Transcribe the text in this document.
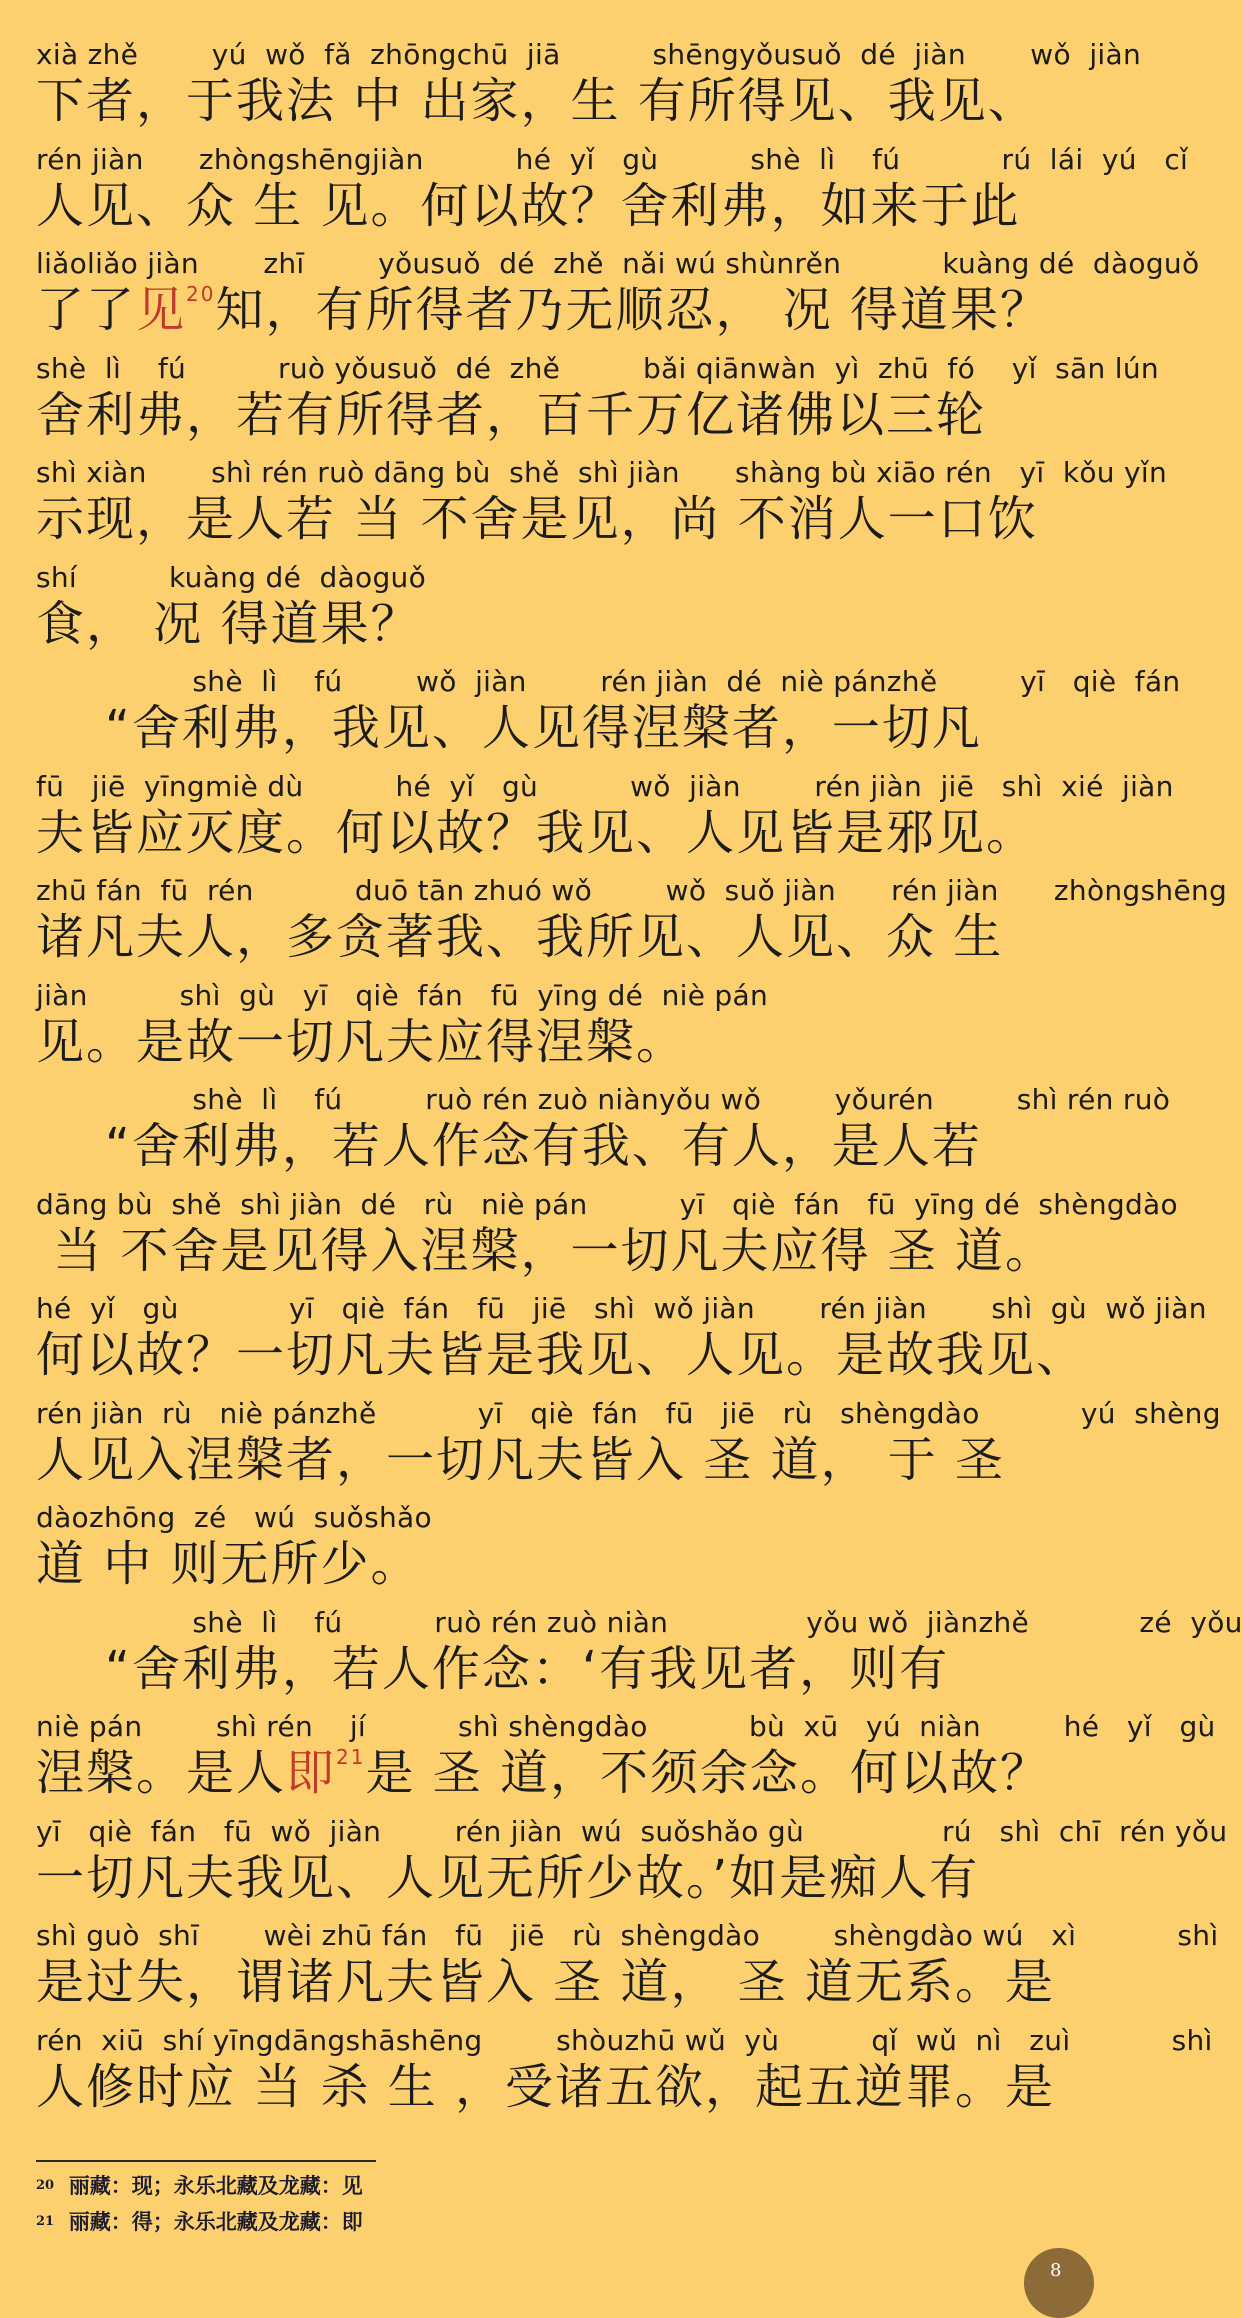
xià zhě        yú  wǒ  fǎ  zhōngchū  jiā          shēngyǒusuǒ  dé  jiàn       wǒ  jiàn
下者，于我法 中 出家，生 有所得见、我见、
rén jiàn      zhòngshēngjiàn          hé  yǐ   gù          shè  lì    fú           rú  lái  yú   cǐ
人见、众 生 见。何以故？舍利弗，如来于此
liǎoliǎo jiàn       zhī        yǒusuǒ  dé  zhě  nǎi wú shùnrěn           kuàng dé  dàoguǒ
了了见$^{20}$知，有所得者乃无顺忍， 况 得道果？
shè  lì    fú          ruò yǒusuǒ  dé  zhě         bǎi qiānwàn  yì  zhū  fó    yǐ  sān lún
舍利弗，若有所得者，百千万亿诸佛以三轮
shì xiàn       shì rén ruò dāng bù  shě  shì jiàn      shàng bù xiāo rén   yī  kǒu yǐn
示现，是人若 当 不舍是见，尚 不消人一口饮
shí          kuàng dé  dàoguǒ
食， 况 得道果？
shè  lì    fú        wǒ  jiàn        rén jiàn  dé  niè pánzhě         yī   qiè  fán
“舍利弗，我见、人见得涅槃者，一切凡
fū   jiē  yīngmiè dù          hé  yǐ   gù          wǒ  jiàn        rén jiàn  jiē   shì  xié  jiàn
夫皆应灭度。何以故？我见、人见皆是邪见。
zhū fán  fū  rén           duō tān zhuó wǒ        wǒ  suǒ jiàn      rén jiàn      zhòngshēng
诸凡夫人，多贪著我、我所见、人见、众 生
jiàn          shì  gù   yī   qiè  fán   fū  yīng dé  niè pán
见。是故一切凡夫应得涅槃。
shè  lì    fú         ruò rén zuò niànyǒu wǒ        yǒurén         shì rén ruò
“舍利弗，若人作念有我、有人，是人若
dāng bù  shě  shì jiàn  dé   rù   niè pán          yī   qiè  fán   fū  yīng dé  shèngdào
当 不舍是见得入涅槃，一切凡夫应得 圣 道。
hé  yǐ   gù            yī   qiè  fán   fū   jiē   shì  wǒ jiàn       rén jiàn       shì  gù  wǒ jiàn
何以故？一切凡夫皆是我见、人见。是故我见、
rén jiàn  rù   niè pánzhě           yī   qiè  fán   fū   jiē   rù   shèngdào           yú  shèng
人见入涅槃者，一切凡夫皆入 圣 道， 于 圣
dàozhōng  zé   wú  suǒshǎo
道 中 则无所少。
shè  lì    fú          ruò rén zuò niàn               yǒu wǒ  jiànzhě            zé  yǒu
“舍利弗，若人作念：‘有我见者，则有
niè pán        shì rén    jí          shì shèngdào           bù  xū   yú  niàn         hé   yǐ   gù
涅槃。是人即$^{21}$是 圣 道，不须余念。何以故？
yī   qiè  fán   fū  wǒ  jiàn        rén jiàn  wú  suǒshǎo gù               rú   shì  chī  rén yǒu
一切凡夫我见、人见无所少故。’如是痴人有
shì guò  shī       wèi zhū fán   fū   jiē   rù  shèngdào        shèngdào wú   xì           shì
是过失，谓诸凡夫皆入 圣 道， 圣 道无系。是
rén  xiū  shí yīngdāngshāshēng        shòuzhū wǔ  yù          qǐ  wǔ  nì   zuì           shì
人修时应 当 杀 生 ，受诸五欲，起五逆罪。是
$^{20}$ 丽藏：现；永乐北藏及龙藏：见
$^{21}$ 丽藏：得；永乐北藏及龙藏：即
8
